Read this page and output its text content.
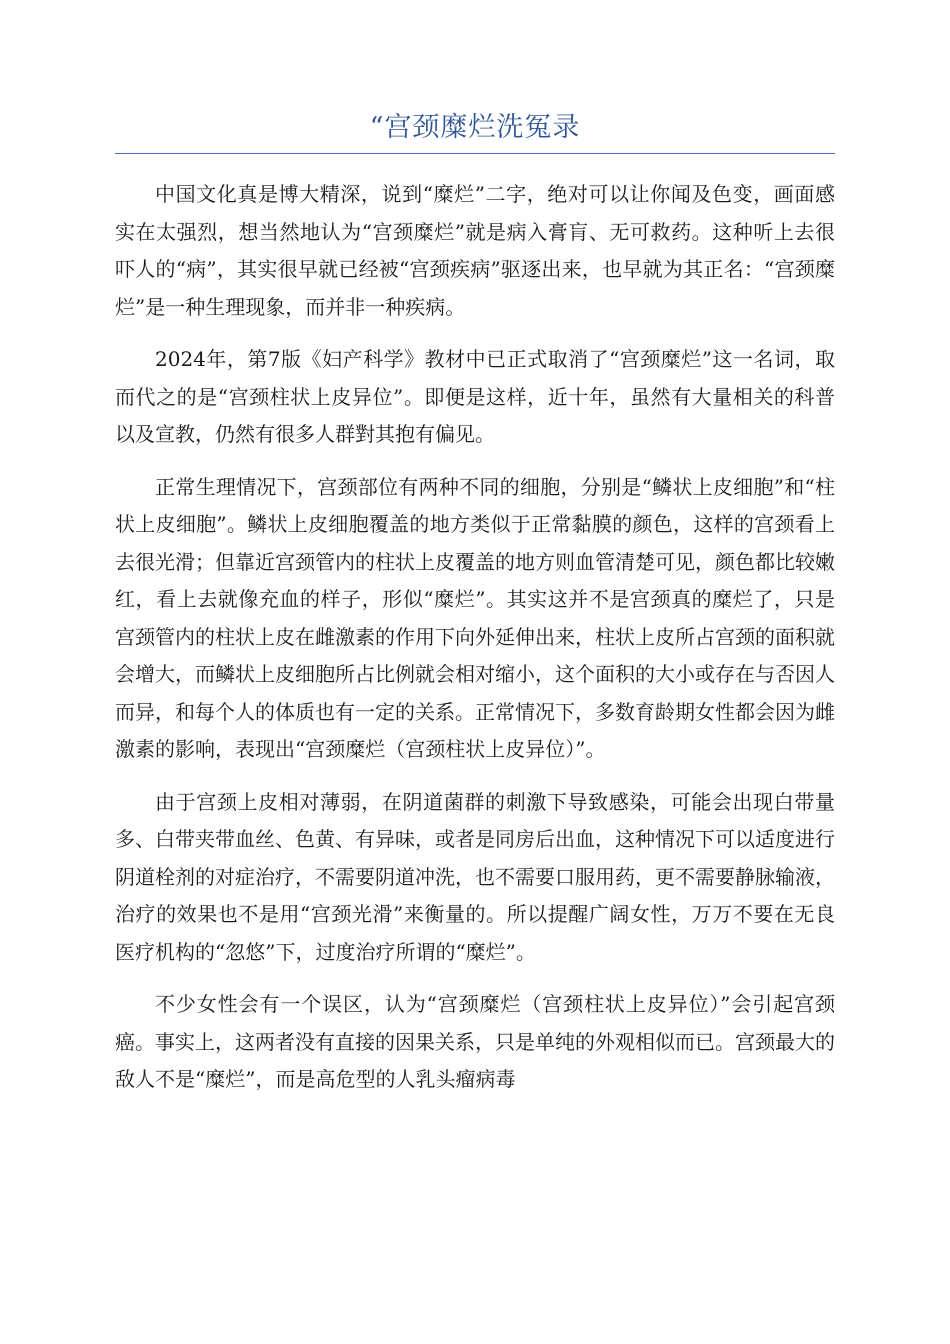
“宫颈糜烂洗冤录

中国文化真是博大精深，说到“糜烂”二字，绝对可以让你闻及色变，画面感实在太强烈，想当然地认为“宫颈糜烂”就是病入膏肓、无可救药。这种听上去很吓人的“病”，其实很早就已经被“宫颈疾病”驱逐出来，也早就为其正名：“宫颈糜烂”是一种生理现象，而并非一种疾病。

2024年，第7版《妇产科学》教材中已正式取消了“宫颈糜烂”这一名词，取而代之的是“宫颈柱状上皮异位”。即便是这样，近十年，虽然有大量相关的科普以及宣教，仍然有很多人群對其抱有偏见。

正常生理情况下，宫颈部位有两种不同的细胞，分别是“鳞状上皮细胞”和“柱状上皮细胞”。鳞状上皮细胞覆盖的地方类似于正常黏膜的颜色，这样的宫颈看上去很光滑；但靠近宫颈管内的柱状上皮覆盖的地方则血管清楚可见，颜色都比较嫩红，看上去就像充血的样子，形似“糜烂”。其实这并不是宫颈真的糜烂了，只是宫颈管内的柱状上皮在雌激素的作用下向外延伸出来，柱状上皮所占宫颈的面积就会增大，而鳞状上皮细胞所占比例就会相对缩小，这个面积的大小或存在与否因人而异，和每个人的体质也有一定的关系。正常情况下，多数育龄期女性都会因为雌激素的影响，表现出“宫颈糜烂（宫颈柱状上皮异位）”。

由于宫颈上皮相对薄弱，在阴道菌群的刺激下导致感染，可能会出现白带量多、白带夹带血丝、色黄、有异味，或者是同房后出血，这种情况下可以适度进行阴道栓剂的对症治疗，不需要阴道冲洗，也不需要口服用药，更不需要静脉输液，治疗的效果也不是用“宫颈光滑”来衡量的。所以提醒广阔女性，万万不要在无良医疗机构的“忽悠”下，过度治疗所谓的“糜烂”。

不少女性会有一个误区，认为“宫颈糜烂（宫颈柱状上皮异位）”会引起宫颈癌。事实上，这两者没有直接的因果关系，只是单纯的外观相似而已。宫颈最大的敌人不是“糜烂”，而是高危型的人乳头瘤病毒
